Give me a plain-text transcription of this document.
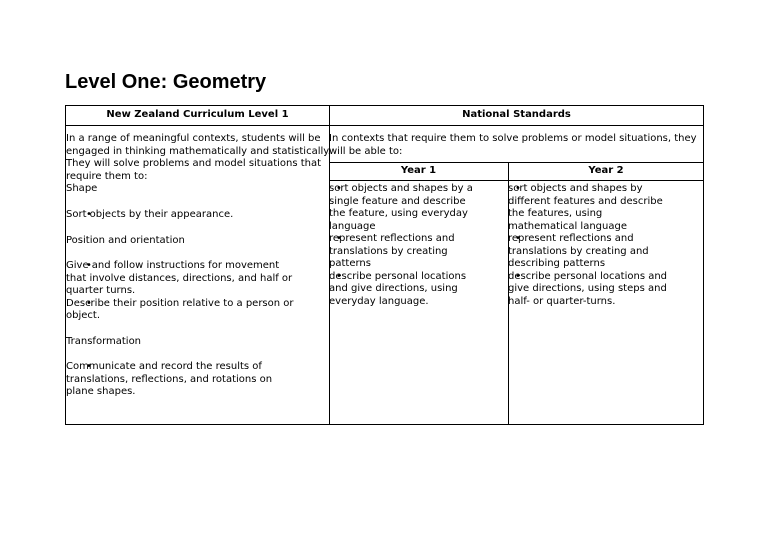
Level One: Geometry
New Zealand Curriculum Level 1	National Standards
In a range of meaningful contexts, students will be
engaged in thinking mathematically and statistically.
They will solve problems and model situations that
require them to:
In contexts that require them to solve problems or model situations, they
will be able to:
Year 1	Year 2
Shape
• Sort objects by their appearance.
Position and orientation
• Give and follow instructions for movement
that involve distances, directions, and half or
quarter turns.
• Describe their position relative to a person or
object.
Transformation
• Communicate and record the results of
translations, reflections, and rotations on
plane shapes.
• sort objects and shapes by a
single feature and describe
the feature, using everyday
language
• represent reflections and
translations by creating
patterns
• describe personal locations
and give directions, using
everyday language.
• sort objects and shapes by
different features and describe
the features, using
mathematical language
• represent reflections and
translations by creating and
describing patterns
• describe personal locations and
give directions, using steps and
half- or quarter-turns.
